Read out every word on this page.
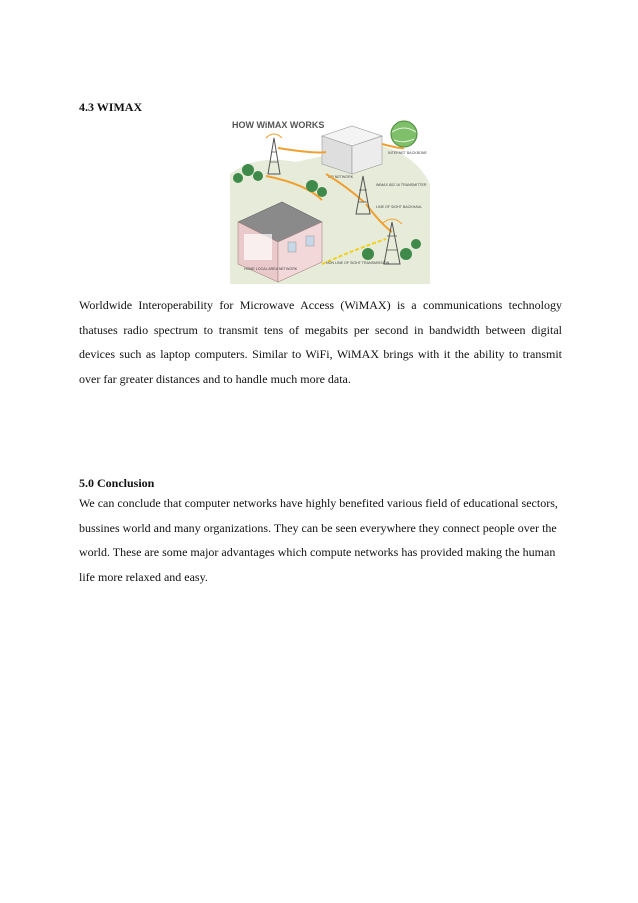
4.3 WIMAX
HOW WiMAX WORKS
INTERNET BACKBONE
ISP NETWORK
WiMAX 802.16 TRANSMITTER
LINE OF SIGHT BACKHAUL
HOME LOCAL AREA NETWORK
NON LINE OF SIGHT TRANSMISSION

Worldwide Interoperability for Microwave Access (WiMAX) is a communications technology thatuses radio spectrum to transmit tens of megabits per second in bandwidth between digital devices such as laptop computers. Similar to WiFi, WiMAX brings with it the ability to transmit over far greater distances and to handle much more data.

5.0 Conclusion

We can conclude that computer networks have highly benefited various field of educational sectors, bussines world and many organizations. They can be seen everywhere they connect people over the world. These are some major advantages which compute networks has provided making the human life more relaxed and easy.
